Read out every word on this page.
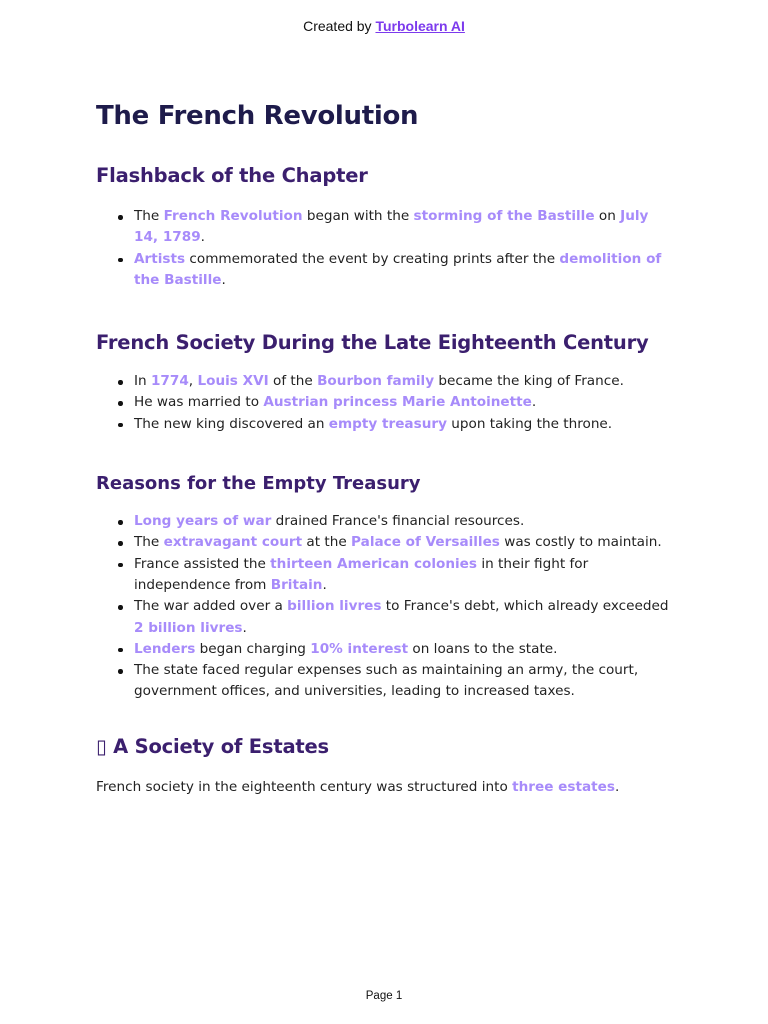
Created by Turbolearn AI
The French Revolution
Flashback of the Chapter
The French Revolution began with the storming of the Bastille on July 14, 1789.
Artists commemorated the event by creating prints after the demolition of the Bastille.
French Society During the Late Eighteenth Century
In 1774, Louis XVI of the Bourbon family became the king of France.
He was married to Austrian princess Marie Antoinette.
The new king discovered an empty treasury upon taking the throne.
Reasons for the Empty Treasury
Long years of war drained France's financial resources.
The extravagant court at the Palace of Versailles was costly to maintain.
France assisted the thirteen American colonies in their fight for independence from Britain.
The war added over a billion livres to France's debt, which already exceeded 2 billion livres.
Lenders began charging 10% interest on loans to the state.
The state faced regular expenses such as maintaining an army, the court, government offices, and universities, leading to increased taxes.
▯ A Society of Estates

French society in the eighteenth century was structured into three estates.

Page 1
